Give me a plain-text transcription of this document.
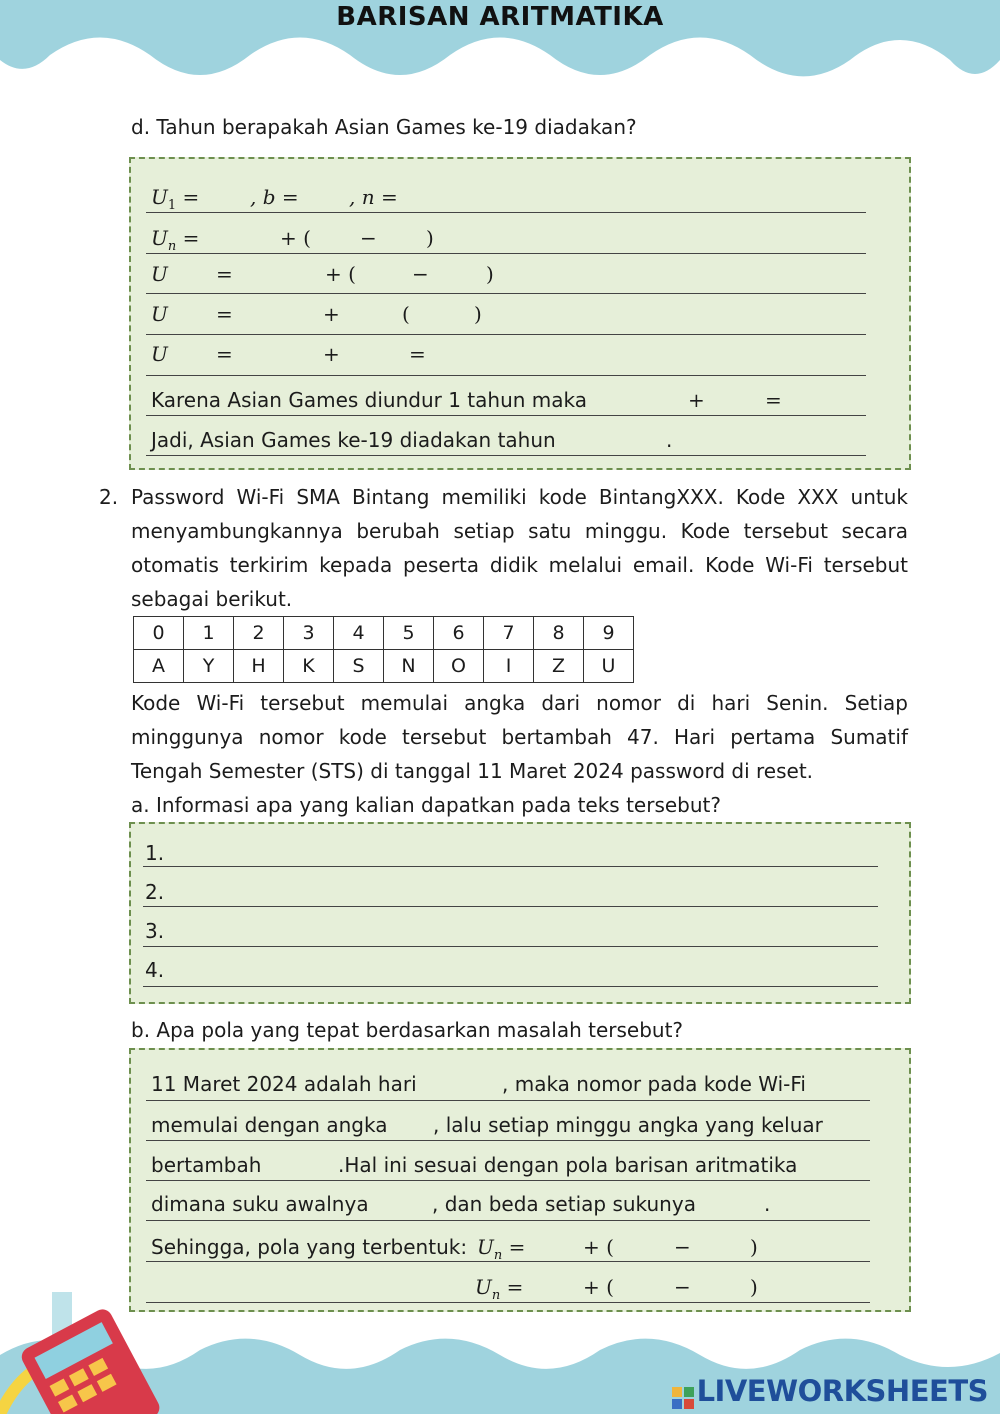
BARISAN ARITMATIKA
d. Tahun berapakah Asian Games ke-19 diadakan?
$U_1$ =	, b =	, n =
$U_n$ =	+ ( − )
U =	+ (	−	)
U =	+	(	)
U =	+	=
Karena Asian Games diundur 1 tahun maka	+	=
Jadi, Asian Games ke-19 diadakan tahun	.
2. Password Wi-Fi SMA Bintang memiliki kode BintangXXX. Kode XXX untuk menyambungkannya berubah setiap satu minggu. Kode tersebut secara otomatis terkirim kepada peserta didik melalui email. Kode Wi-Fi tersebut sebagai berikut.
0	1	2	3	4	5	6	7	8	9
A	Y	H	K	S	N	O	I	Z	U
Kode Wi-Fi tersebut memulai angka dari nomor di hari Senin. Setiap minggunya nomor kode tersebut bertambah 47. Hari pertama Sumatif Tengah Semester (STS) di tanggal 11 Maret 2024 password di reset.
a. Informasi apa yang kalian dapatkan pada teks tersebut?
1.
2.
3.
4.
b. Apa pola yang tepat berdasarkan masalah tersebut?
11 Maret 2024 adalah hari	, maka nomor pada kode Wi-Fi
memulai dengan angka , lalu setiap minggu angka yang keluar
bertambah	.Hal ini sesuai dengan pola barisan aritmatika
dimana suku awalnya	, dan beda setiap sukunya	.
Sehingga, pola yang terbentuk: $U_n$ =	+ (	−	)
$U_n$ =	+ (	−	)
LIVEWORKSHEETS
